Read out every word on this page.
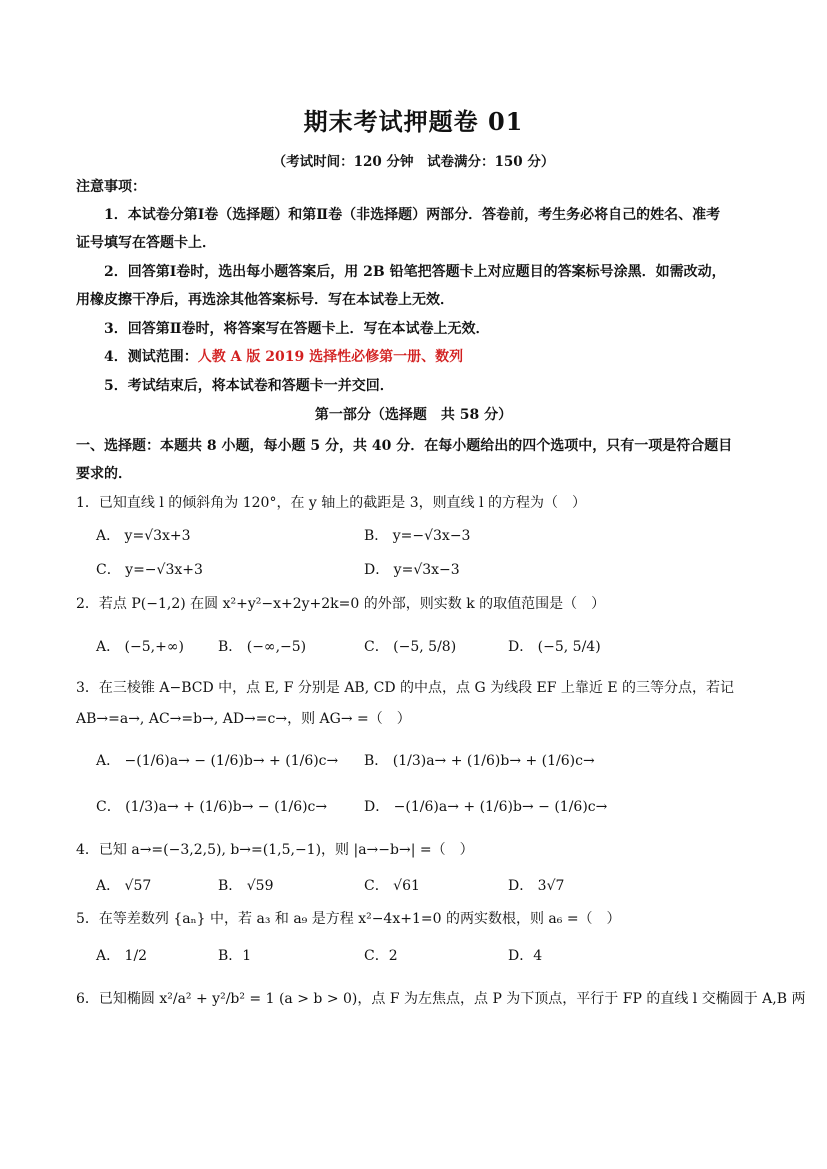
期末考试押题卷 01
（考试时间：120 分钟　试卷满分：150 分）
注意事项：
1．本试卷分第Ⅰ卷（选择题）和第Ⅱ卷（非选择题）两部分．答卷前，考生务必将自己的姓名、准考
证号填写在答题卡上．
2．回答第Ⅰ卷时，选出每小题答案后，用 2B 铅笔把答题卡上对应题目的答案标号涂黑．如需改动，
用橡皮擦干净后，再选涂其他答案标号．写在本试卷上无效．
3．回答第Ⅱ卷时，将答案写在答题卡上．写在本试卷上无效．
4．测试范围：人教 A 版 2019 选择性必修第一册、数列
5．考试结束后，将本试卷和答题卡一并交回．
第一部分（选择题　共 58 分）
一、选择题：本题共 8 小题，每小题 5 分，共 40 分．在每小题给出的四个选项中，只有一项是符合题目
要求的．
1．已知直线 l 的倾斜角为 120°，在 y 轴上的截距是 3，则直线 l 的方程为（　）
A． y=√3x+3	B． y=−√3x−3
C． y=−√3x+3	D． y=√3x−3
2．若点 P(−1,2) 在圆 x²+y²−x+2y+2k=0 的外部，则实数 k 的取值范围是（　）
A． (−5,+∞) B． (−∞,−5)	C． (−5, 5/8)	D． (−5, 5/4)
3．在三棱锥 A−BCD 中，点 E, F 分别是 AB, CD 的中点，点 G 为线段 EF 上靠近 E 的三等分点，若记
AB→=a→, AC→=b→, AD→=c→，则 AG→ =（　）
A． −(1/6)a→ − (1/6)b→ + (1/6)c→ B． (1/3)a→ + (1/6)b→ + (1/6)c→
C． (1/3)a→ + (1/6)b→ − (1/6)c→	D． −(1/6)a→ + (1/6)b→ − (1/6)c→
4．已知 a→=(−3,2,5), b→=(1,5,−1)，则 |a→−b→| =（　）
A． √57	B． √59	C． √61	D． 3√7
5．在等差数列 {aₙ} 中，若 a₃ 和 a₉ 是方程 x²−4x+1=0 的两实数根，则 a₆ =（　）
A． 1/2	B．1	C．2	D．4
6．已知椭圆 x²/a² + y²/b² = 1 (a > b > 0)，点 F 为左焦点，点 P 为下顶点，平行于 FP 的直线 l 交椭圆于 A,B 两
